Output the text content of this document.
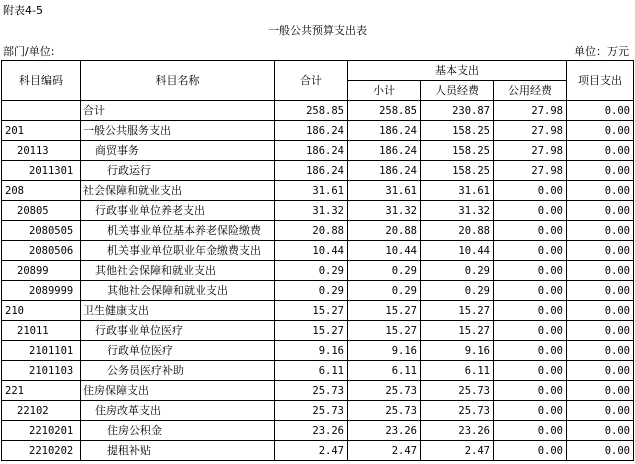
附表4-5
一般公共预算支出表
部门/单位:	单位：万元
科目编码	科目名称	合计	基本支出			项目支出
			小计	人员经费	公用经费	
	合计	258.85	258.85	230.87	27.98	0.00
201	一般公共服务支出	186.24	186.24	158.25	27.98	0.00
20113	商贸事务	186.24	186.24	158.25	27.98	0.00
2011301	行政运行	186.24	186.24	158.25	27.98	0.00
208	社会保障和就业支出	31.61	31.61	31.61	0.00	0.00
20805	行政事业单位养老支出	31.32	31.32	31.32	0.00	0.00
2080505	机关事业单位基本养老保险缴费	20.88	20.88	20.88	0.00	0.00
2080506	机关事业单位职业年金缴费支出	10.44	10.44	10.44	0.00	0.00
20899	其他社会保障和就业支出	0.29	0.29	0.29	0.00	0.00
2089999	其他社会保障和就业支出	0.29	0.29	0.29	0.00	0.00
210	卫生健康支出	15.27	15.27	15.27	0.00	0.00
21011	行政事业单位医疗	15.27	15.27	15.27	0.00	0.00
2101101	行政单位医疗	9.16	9.16	9.16	0.00	0.00
2101103	公务员医疗补助	6.11	6.11	6.11	0.00	0.00
221	住房保障支出	25.73	25.73	25.73	0.00	0.00
22102	住房改革支出	25.73	25.73	25.73	0.00	0.00
2210201	住房公积金	23.26	23.26	23.26	0.00	0.00
2210202	提租补贴	2.47	2.47	2.47	0.00	0.00
